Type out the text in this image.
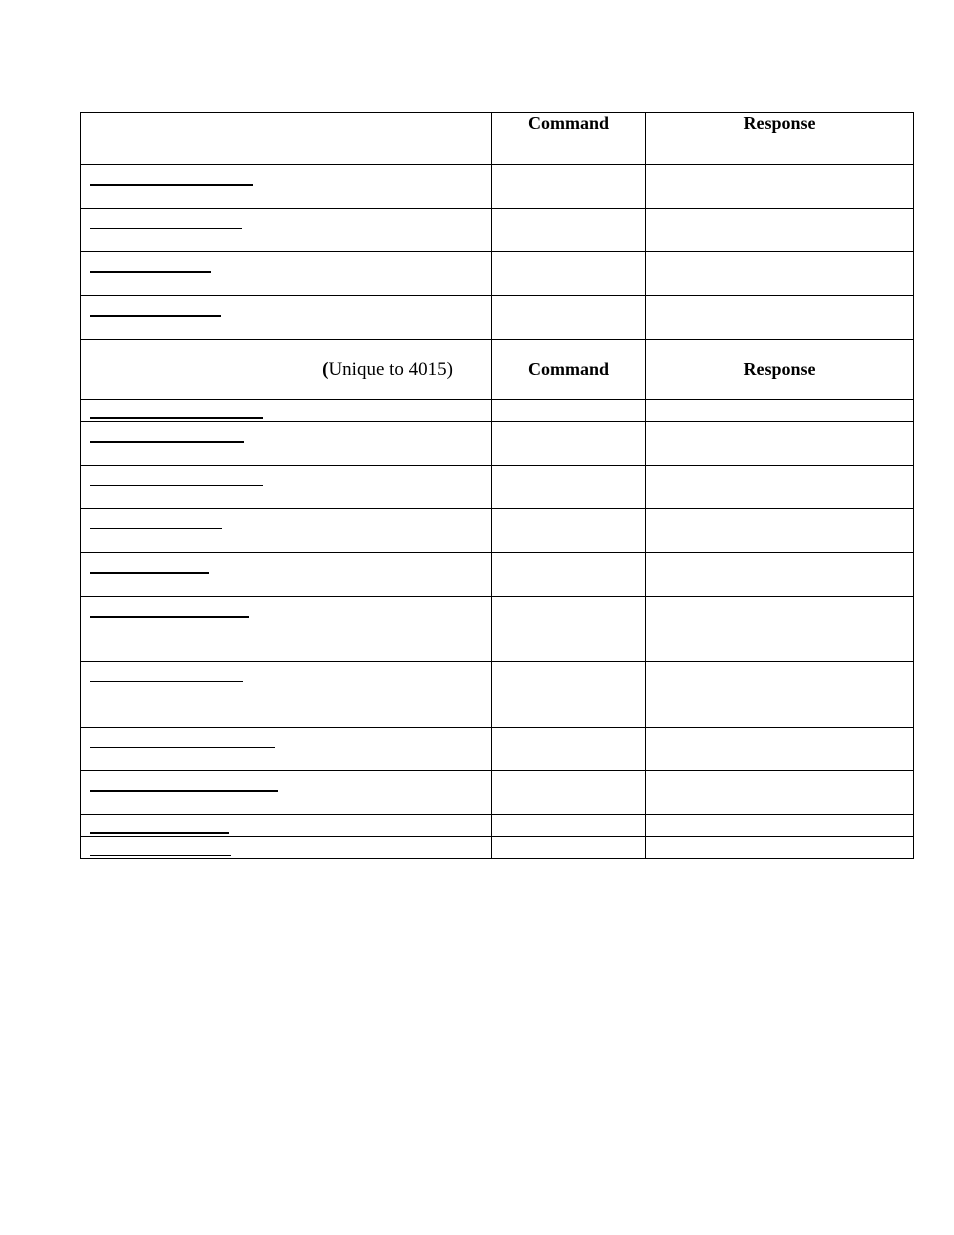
	Command	Response

(Unique to 4015)	Command	Response
